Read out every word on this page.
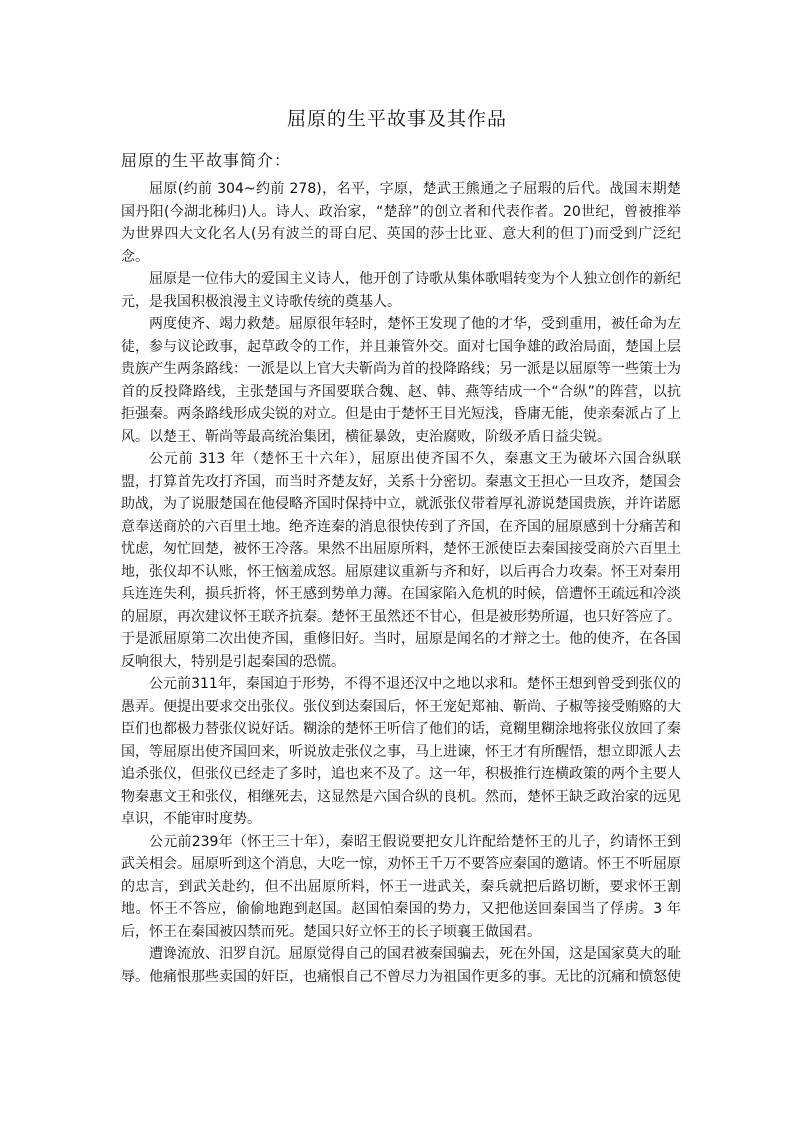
屈原的生平故事及其作品
屈原的生平故事简介：

屈原(约前 304~约前 278)，名平，字原，楚武王熊通之子屈瑕的后代。战国末期楚国丹阳(今湖北秭归)人。诗人、政治家，“楚辞”的创立者和代表作者。20世纪，曾被推举为世界四大文化名人(另有波兰的哥白尼、英国的莎士比亚、意大利的但丁)而受到广泛纪念。

屈原是一位伟大的爱国主义诗人，他开创了诗歌从集体歌唱转变为个人独立创作的新纪元，是我国积极浪漫主义诗歌传统的奠基人。

两度使齐、竭力救楚。屈原很年轻时，楚怀王发现了他的才华，受到重用，被任命为左徒，参与议论政事，起草政令的工作，并且兼管外交。面对七国争雄的政治局面，楚国上层贵族产生两条路线：一派是以上官大夫靳尚为首的投降路线；另一派是以屈原等一些策士为首的反投降路线，主张楚国与齐国要联合魏、赵、韩、燕等结成一个“合纵”的阵营，以抗拒强秦。两条路线形成尖锐的对立。但是由于楚怀王目光短浅，昏庸无能，使亲秦派占了上风。以楚王、靳尚等最高统治集团，横征暴敛，吏治腐败，阶级矛盾日益尖锐。

公元前 313 年（楚怀王十六年），屈原出使齐国不久，秦惠文王为破坏六国合纵联盟，打算首先攻打齐国，而当时齐楚友好，关系十分密切。秦惠文王担心一旦攻齐，楚国会助战，为了说服楚国在他侵略齐国时保持中立，就派张仪带着厚礼游说楚国贵族，并许诺愿意奉送商於的六百里土地。绝齐连秦的消息很快传到了齐国，在齐国的屈原感到十分痛苦和忧虑，匆忙回楚，被怀王冷落。果然不出屈原所料，楚怀王派使臣去秦国接受商於六百里土地，张仪却不认账，怀王恼羞成怒。屈原建议重新与齐和好，以后再合力攻秦。怀王对秦用兵连连失利，损兵折将，怀王感到势单力薄。在国家陷入危机的时候，倍遭怀王疏远和冷淡的屈原，再次建议怀王联齐抗秦。楚怀王虽然还不甘心，但是被形势所逼，也只好答应了。于是派屈原第二次出使齐国，重修旧好。当时，屈原是闻名的才辩之士。他的使齐，在各国反响很大，特别是引起秦国的恐慌。

公元前311年，秦国迫于形势，不得不退还汉中之地以求和。楚怀王想到曾受到张仪的愚弄。便提出要求交出张仪。张仪到达秦国后，怀王宠妃郑袖、靳尚、子椒等接受贿赂的大臣们也都极力替张仪说好话。糊涂的楚怀王听信了他们的话，竟糊里糊涂地将张仪放回了秦国，等屈原出使齐国回来，听说放走张仪之事，马上进谏，怀王才有所醒悟，想立即派人去追杀张仪，但张仪已经走了多时，追也来不及了。这一年，积极推行连横政策的两个主要人物秦惠文王和张仪，相继死去，这显然是六国合纵的良机。然而，楚怀王缺乏政治家的远见卓识，不能审时度势。

公元前239年（怀王三十年），秦昭王假说要把女儿许配给楚怀王的儿子，约请怀王到武关相会。屈原听到这个消息，大吃一惊，劝怀王千万不要答应秦国的邀请。怀王不听屈原的忠言，到武关赴约，但不出屈原所料，怀王一进武关，秦兵就把后路切断，要求怀王割地。怀王不答应，偷偷地跑到赵国。赵国怕秦国的势力，又把他送回秦国当了俘虏。3 年后，怀王在秦国被囚禁而死。楚国只好立怀王的长子顷襄王做国君。

遭谗流放、汨罗自沉。屈原觉得自己的国君被秦国骗去，死在外国，这是国家莫大的耻辱。他痛恨那些卖国的奸臣，也痛恨自己不曾尽力为祖国作更多的事。无比的沉痛和愤怒使
